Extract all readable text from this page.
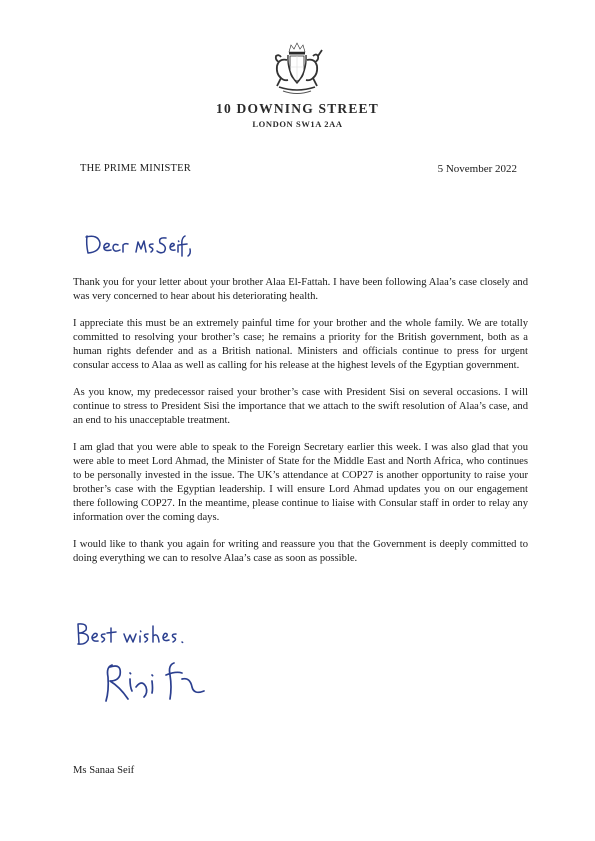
10 DOWNING STREET
LONDON SW1A 2AA
THE PRIME MINISTER	5 November 2022

Thank you for your letter about your brother Alaa El-Fattah. I have been following Alaa’s case closely and was very concerned to hear about his deteriorating health.

I appreciate this must be an extremely painful time for your brother and the whole family. We are totally committed to resolving your brother’s case; he remains a priority for the British government, both as a human rights defender and as a British national. Ministers and officials continue to press for urgent consular access to Alaa as well as calling for his release at the highest levels of the Egyptian government.

As you know, my predecessor raised your brother’s case with President Sisi on several occasions. I will continue to stress to President Sisi the importance that we attach to the swift resolution of Alaa’s case, and an end to his unacceptable treatment.

I am glad that you were able to speak to the Foreign Secretary earlier this week. I was also glad that you were able to meet Lord Ahmad, the Minister of State for the Middle East and North Africa, who continues to be personally invested in the issue. The UK’s attendance at COP27 is another opportunity to raise your brother’s case with the Egyptian leadership. I will ensure Lord Ahmad updates you on our engagement there following COP27. In the meantime, please continue to liaise with Consular staff in order to relay any information over the coming days.

I would like to thank you again for writing and reassure you that the Government is deeply committed to doing everything we can to resolve Alaa’s case as soon as possible.

Ms Sanaa Seif
